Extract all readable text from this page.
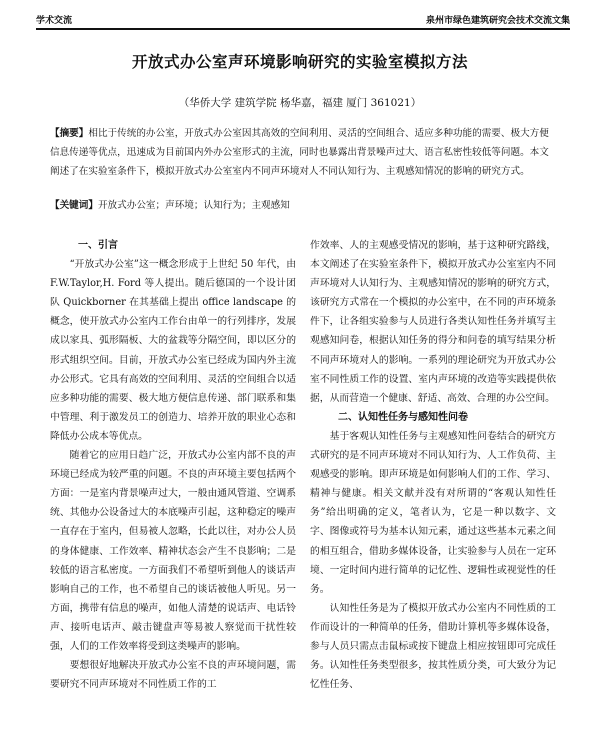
学术交流	泉州市绿色建筑研究会技术交流文集
开放式办公室声环境影响研究的实验室模拟方法
（华侨大学 建筑学院 杨华嘉，福建 厦门 361021）
【摘要】相比于传统的办公室，开放式办公室因其高效的空间利用、灵活的空间组合、适应多种功能的需要、极大方便信息传递等优点，迅速成为目前国内外办公室形式的主流，同时也暴露出背景噪声过大、语言私密性较低等问题。本文阐述了在实验室条件下，模拟开放式办公室室内不同声环境对人不同认知行为、主观感知情况的影响的研究方式。
【关键词】开放式办公室；声环境；认知行为；主观感知
一、引言

“开放式办公室”这一概念形成于上世纪 50 年代，由 F.W.Taylor,H. Ford 等人提出。随后德国的一个设计团队 Quickborner 在其基础上提出 office landscape 的概念，使开放式办公室内工作台由单一的行列排序，发展成以家具、弧形隔板、大的盆栽等分隔空间，即以区分的形式组织空间。目前，开放式办公室已经成为国内外主流办公形式。它具有高效的空间利用、灵活的空间组合以适应多种功能的需要、极大地方便信息传递、部门联系和集中管理、利于激发员工的创造力、培养开放的职业心态和降低办公成本等优点。

随着它的应用日趋广泛，开放式办公室内部不良的声环境已经成为较严重的问题。不良的声环境主要包括两个方面：一是室内背景噪声过大，一般由通风管道、空调系统、其他办公设备过大的本底噪声引起，这种稳定的噪声一直存在于室内，但易被人忽略，长此以往，对办公人员的身体健康、工作效率、精神状态会产生不良影响；二是较低的语言私密度。一方面我们不希望听到他人的谈话声影响自己的工作，也不希望自己的谈话被他人听见。另一方面，携带有信息的噪声，如他人清楚的说话声、电话铃声、接听电话声、敲击键盘声等易被人察觉而干扰性较强，人们的工作效率将受到这类噪声的影响。

要想很好地解决开放式办公室不良的声环境问题，需要研究不同声环境对不同性质工作的工

作效率、人的主观感受情况的影响，基于这种研究路线，本文阐述了在实验室条件下，模拟开放式办公室室内不同声环境对人认知行为、主观感知情况的影响的研究方式，该研究方式常在一个模拟的办公室中，在不同的声环境条件下，让各组实验参与人员进行各类认知性任务并填写主观感知问卷，根据认知任务的得分和问卷的填写结果分析不同声环境对人的影响。一系列的理论研究为开放式办公室不同性质工作的设置、室内声环境的改造等实践提供依据，从而营造一个健康、舒适、高效、合理的办公空间。

二、认知性任务与感知性问卷

基于客观认知性任务与主观感知性问卷结合的研究方式研究的是不同声环境对不同认知行为、人工作负荷、主观感受的影响。即声环境是如何影响人们的工作、学习、精神与健康。相关文献并没有对所谓的“客观认知性任务”给出明确的定义，笔者认为，它是一种以数字、文字、图像或符号为基本认知元素，通过这些基本元素之间的相互组合，借助多媒体设备，让实验参与人员在一定环境、一定时间内进行简单的记忆性、逻辑性或视觉性的任务。

认知性任务是为了模拟开放式办公室内不同性质的工作而设计的一种简单的任务，借助计算机等多媒体设备，参与人员只需点击鼠标或按下键盘上相应按钮即可完成任务。认知性任务类型很多，按其性质分类，可大致分为记忆性任务、
